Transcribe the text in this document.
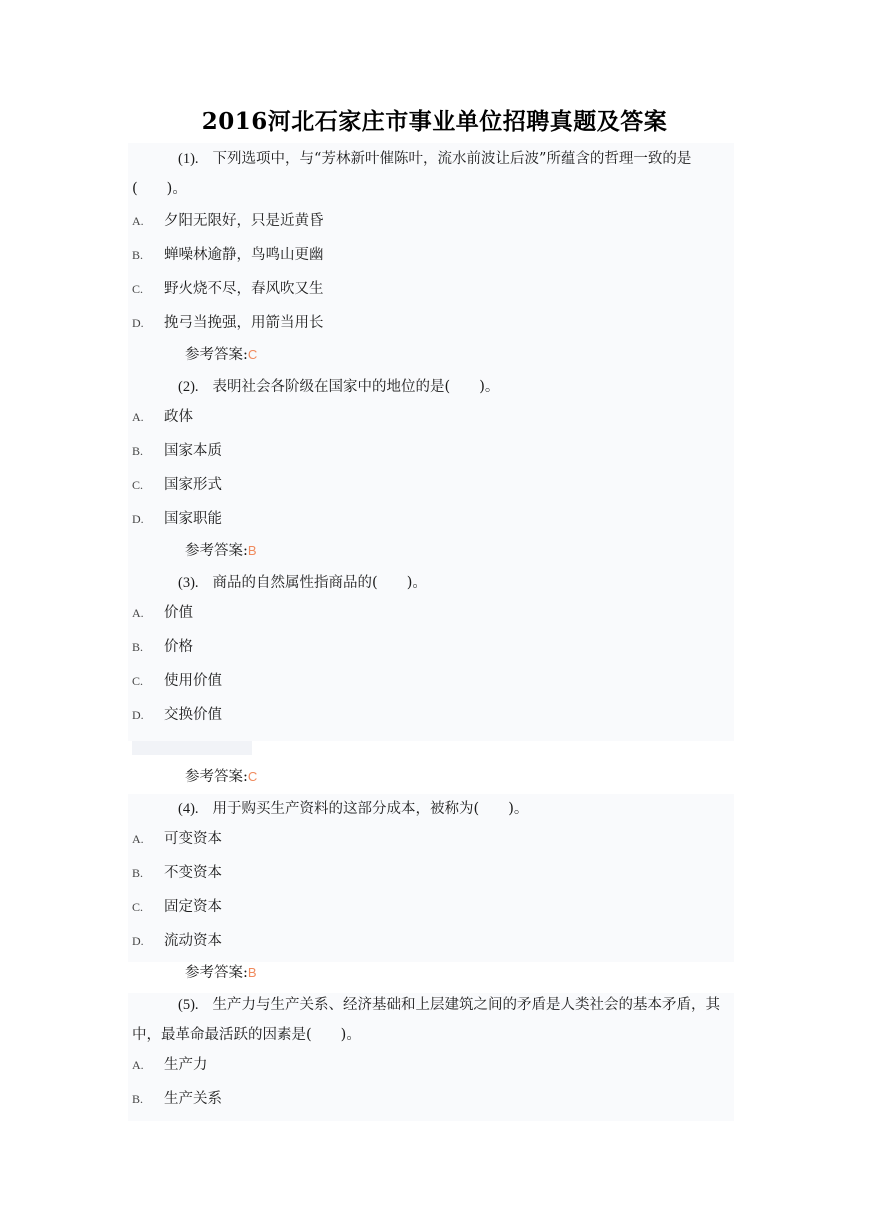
2016河北石家庄市事业单位招聘真题及答案
(1). 下列选项中，与“芳林新叶催陈叶，流水前波让后波”所蕴含的哲理一致的是(　　)。
A. 夕阳无限好，只是近黄昏
B. 蝉噪林逾静，鸟鸣山更幽
C. 野火烧不尽，春风吹又生
D. 挽弓当挽强，用箭当用长
参考答案:C
(2). 表明社会各阶级在国家中的地位的是(　　)。
A. 政体
B. 国家本质
C. 国家形式
D. 国家职能
参考答案:B
(3). 商品的自然属性指商品的(　　)。
A. 价值
B. 价格
C. 使用价值
D. 交换价值
参考答案:C
(4). 用于购买生产资料的这部分成本，被称为(　　)。
A. 可变资本
B. 不变资本
C. 固定资本
D. 流动资本
参考答案:B
(5). 生产力与生产关系、经济基础和上层建筑之间的矛盾是人类社会的基本矛盾，其中，最革命最活跃的因素是(　　)。
A. 生产力
B. 生产关系
